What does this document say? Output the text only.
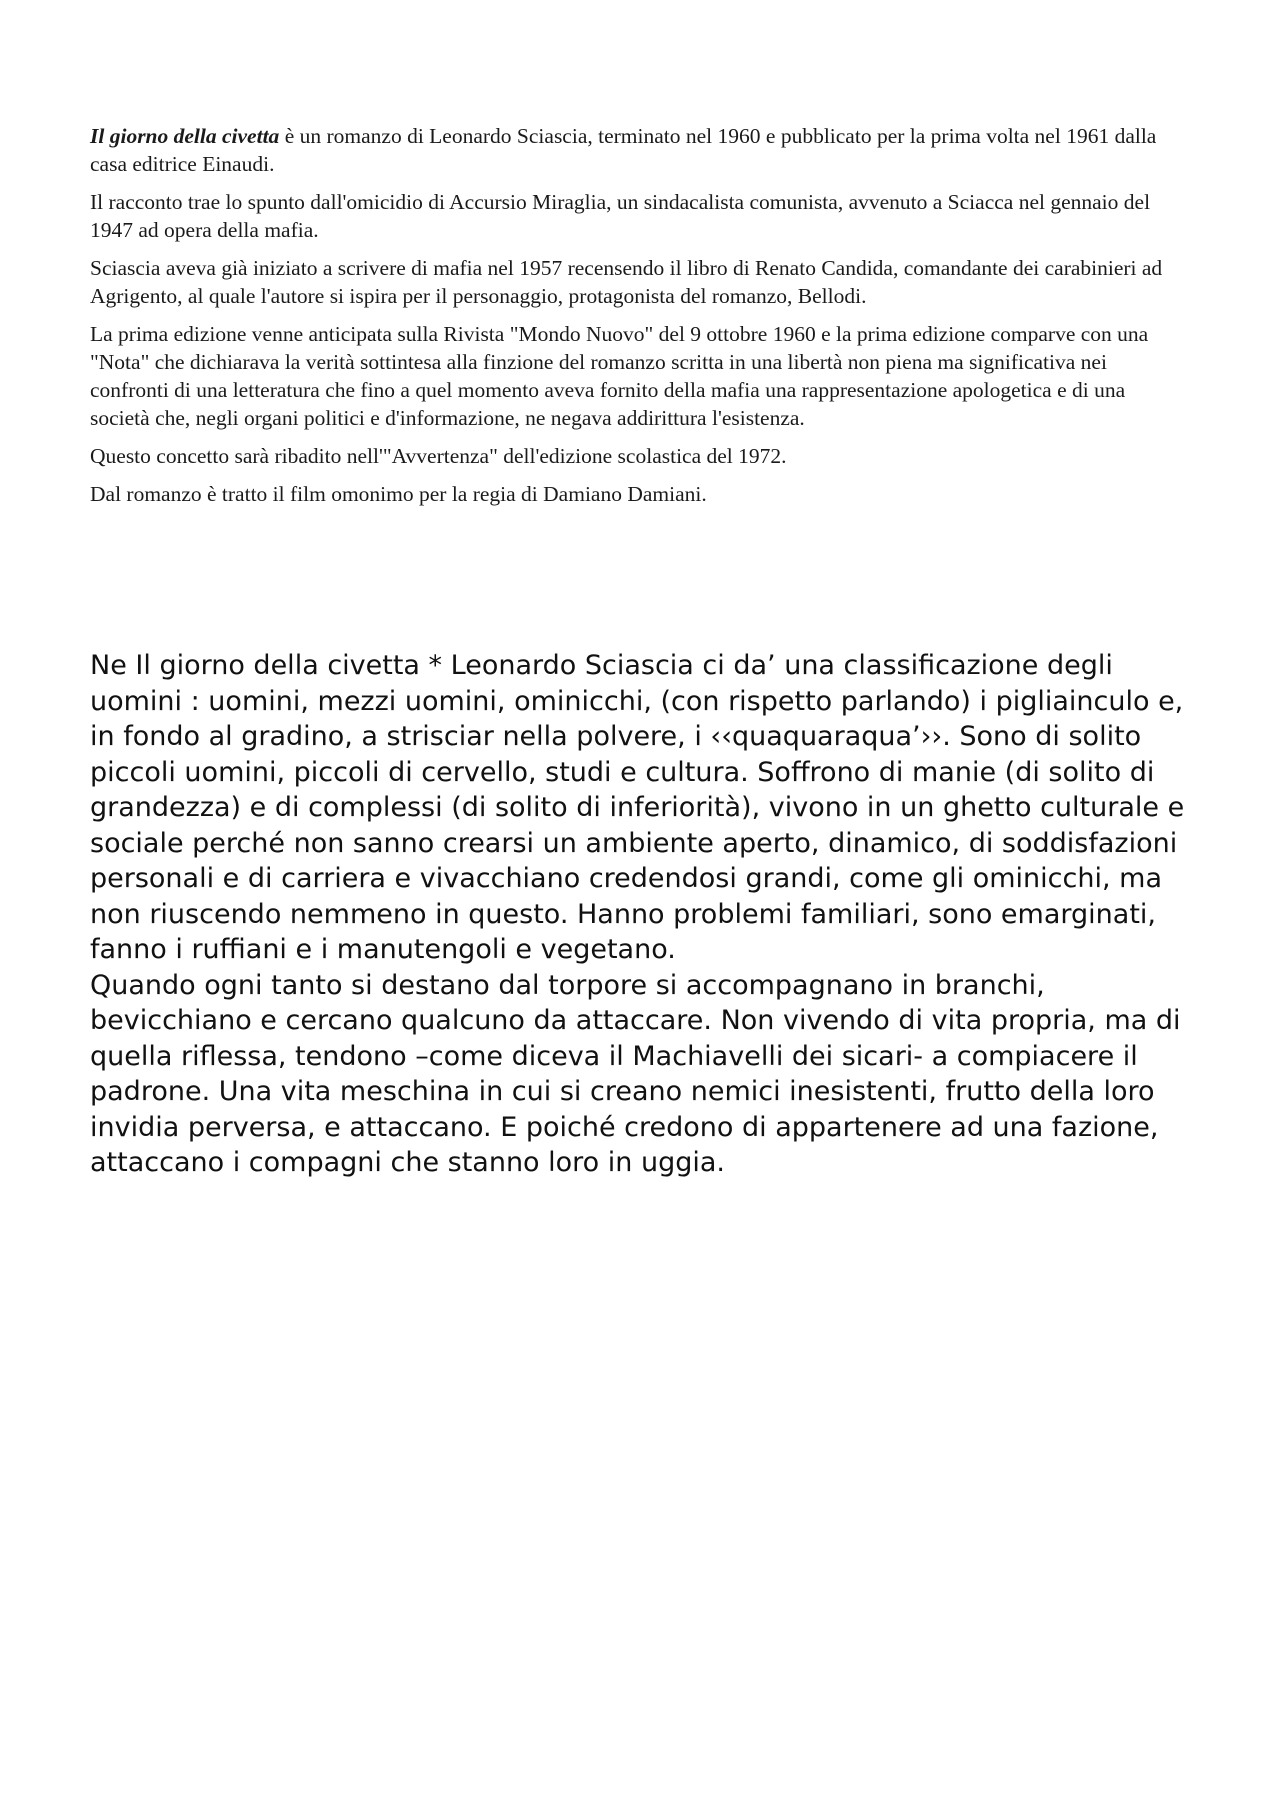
Il giorno della civetta è un romanzo di Leonardo Sciascia, terminato nel 1960 e pubblicato per la prima volta nel 1961 dalla casa editrice Einaudi.

Il racconto trae lo spunto dall'omicidio di Accursio Miraglia, un sindacalista comunista, avvenuto a Sciacca nel gennaio del 1947 ad opera della mafia.

Sciascia aveva già iniziato a scrivere di mafia nel 1957 recensendo il libro di Renato Candida, comandante dei carabinieri ad Agrigento, al quale l'autore si ispira per il personaggio, protagonista del romanzo, Bellodi.

La prima edizione venne anticipata sulla Rivista "Mondo Nuovo" del 9 ottobre 1960 e la prima edizione comparve con una "Nota" che dichiarava la verità sottintesa alla finzione del romanzo scritta in una libertà non piena ma significativa nei confronti di una letteratura che fino a quel momento aveva fornito della mafia una rappresentazione apologetica e di una società che, negli organi politici e d'informazione, ne negava addirittura l'esistenza.

Questo concetto sarà ribadito nell'"Avvertenza" dell'edizione scolastica del 1972.

Dal romanzo è tratto il film omonimo per la regia di Damiano Damiani.

Ne Il giorno della civetta * Leonardo Sciascia ci da’ una classificazione degli uomini : uomini, mezzi uomini, ominicchi, (con rispetto parlando) i pigliainculo e, in fondo al gradino, a strisciar nella polvere, i ‹‹quaquaraqua’››. Sono di solito piccoli uomini, piccoli di cervello, studi e cultura. Soffrono di manie (di solito di grandezza) e di complessi (di solito di inferiorità), vivono in un ghetto culturale e sociale perché non sanno crearsi un ambiente aperto, dinamico, di soddisfazioni personali e di carriera e vivacchiano credendosi grandi, come gli ominicchi, ma non riuscendo nemmeno in questo. Hanno problemi familiari, sono emarginati, fanno i ruffiani e i manutengoli e vegetano.

Quando ogni tanto si destano dal torpore si accompagnano in branchi, bevicchiano e cercano qualcuno da attaccare. Non vivendo di vita propria, ma di quella riflessa, tendono –come diceva il Machiavelli dei sicari- a compiacere il padrone. Una vita meschina in cui si creano nemici inesistenti, frutto della loro invidia perversa, e attaccano. E poiché credono di appartenere ad una fazione, attaccano i compagni che stanno loro in uggia.
